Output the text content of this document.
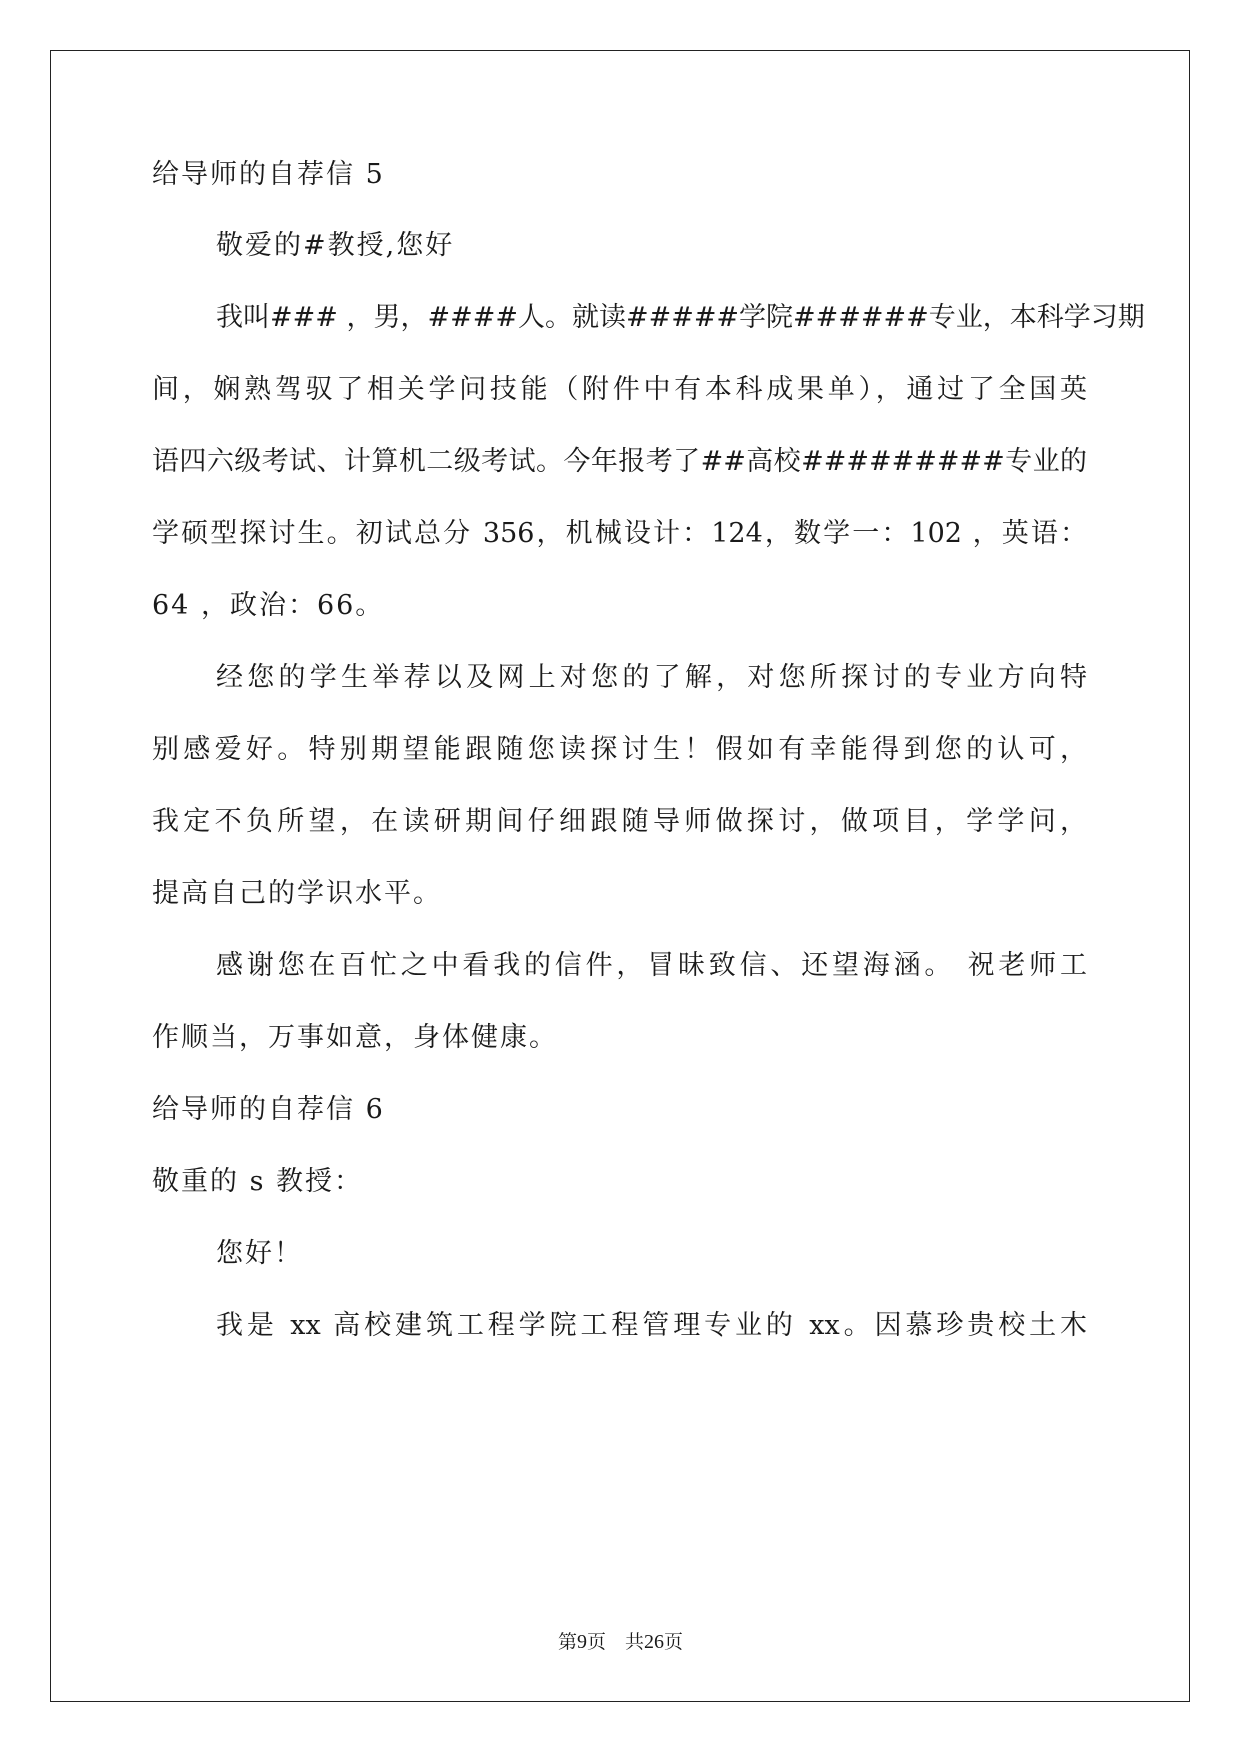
给导师的自荐信 5
敬爱的#教授,您好
我叫### ，男，####人。就读#####学院######专业，本科学习期
间，娴熟驾驭了相关学问技能（附件中有本科成果单），通过了全国英
语四六级考试、计算机二级考试。今年报考了##高校#########专业的
学硕型探讨生。初试总分 356，机械设计：124，数学一：102 ，英语：
64 ，政治：66。
经您的学生举荐以及网上对您的了解，对您所探讨的专业方向特
别感爱好。特别期望能跟随您读探讨生！假如有幸能得到您的认可，
我定不负所望，在读研期间仔细跟随导师做探讨，做项目，学学问，
提高自己的学识水平。
感谢您在百忙之中看我的信件，冒昧致信、还望海涵。 祝老师工
作顺当，万事如意，身体健康。
给导师的自荐信 6
敬重的 s 教授：
您好！
我是 xx 高校建筑工程学院工程管理专业的 xx。因慕珍贵校土木
第9页 共26页
